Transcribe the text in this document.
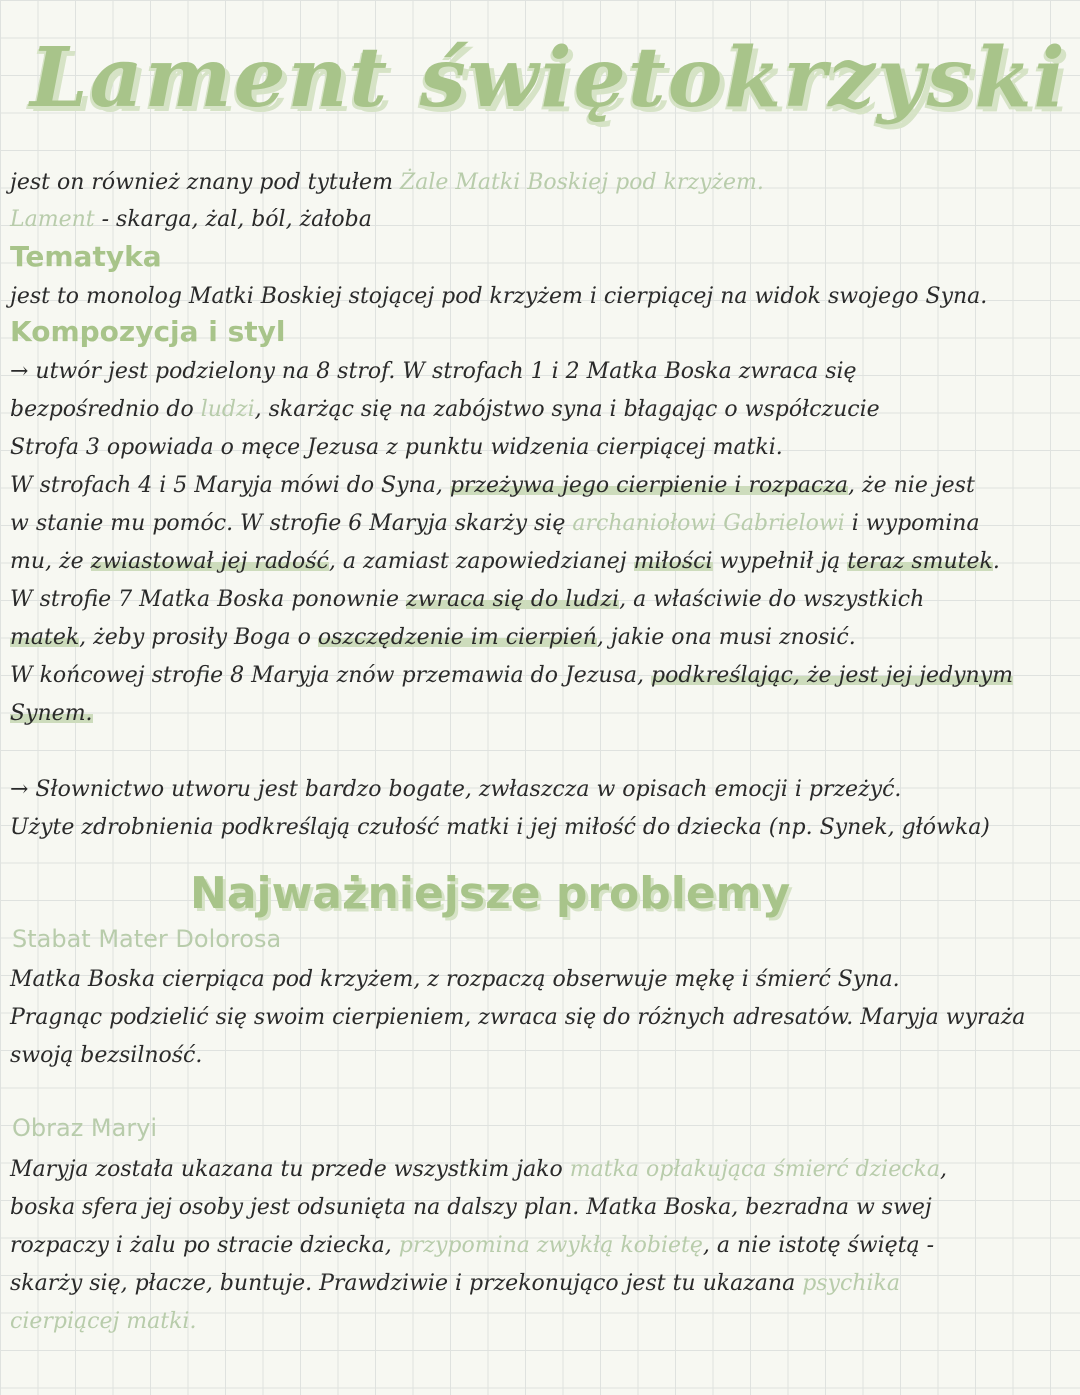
Lament świętokrzyski
jest on również znany pod tytułem Żale Matki Boskiej pod krzyżem.
Lament - skarga, żal, ból, żałoba
Tematyka
jest to monolog Matki Boskiej stojącej pod krzyżem i cierpiącej na widok swojego Syna.
Kompozycja i styl
→ utwór jest podzielony na 8 strof. W strofach 1 i 2 Matka Boska zwraca się
bezpośrednio do ludzi, skarżąc się na zabójstwo syna i błagając o współczucie
Strofa 3 opowiada o męce Jezusa z punktu widzenia cierpiącej matki.
W strofach 4 i 5 Maryja mówi do Syna, przeżywa jego cierpienie i rozpacza, że nie jest
w stanie mu pomóc. W strofie 6 Maryja skarży się archaniołowi Gabrielowi i wypomina
mu, że zwiastował jej radość, a zamiast zapowiedzianej miłości wypełnił ją teraz smutek.
W strofie 7 Matka Boska ponownie zwraca się do ludzi, a właściwie do wszystkich
matek, żeby prosiły Boga o oszczędzenie im cierpień, jakie ona musi znosić.
W końcowej strofie 8 Maryja znów przemawia do Jezusa, podkreślając, że jest jej jedynym
Synem.
→ Słownictwo utworu jest bardzo bogate, zwłaszcza w opisach emocji i przeżyć.
Użyte zdrobnienia podkreślają czułość matki i jej miłość do dziecka (np. Synek, główka)
Najważniejsze problemy
Stabat Mater Dolorosa
Matka Boska cierpiąca pod krzyżem, z rozpaczą obserwuje mękę i śmierć Syna.
Pragnąc podzielić się swoim cierpieniem, zwraca się do różnych adresatów. Maryja wyraża
swoją bezsilność.
Obraz Maryi
Maryja została ukazana tu przede wszystkim jako matka opłakująca śmierć dziecka,
boska sfera jej osoby jest odsunięta na dalszy plan. Matka Boska, bezradna w swej
rozpaczy i żalu po stracie dziecka, przypomina zwykłą kobietę, a nie istotę świętą -
skarży się, płacze, buntuje. Prawdziwie i przekonująco jest tu ukazana psychika
cierpiącej matki.
